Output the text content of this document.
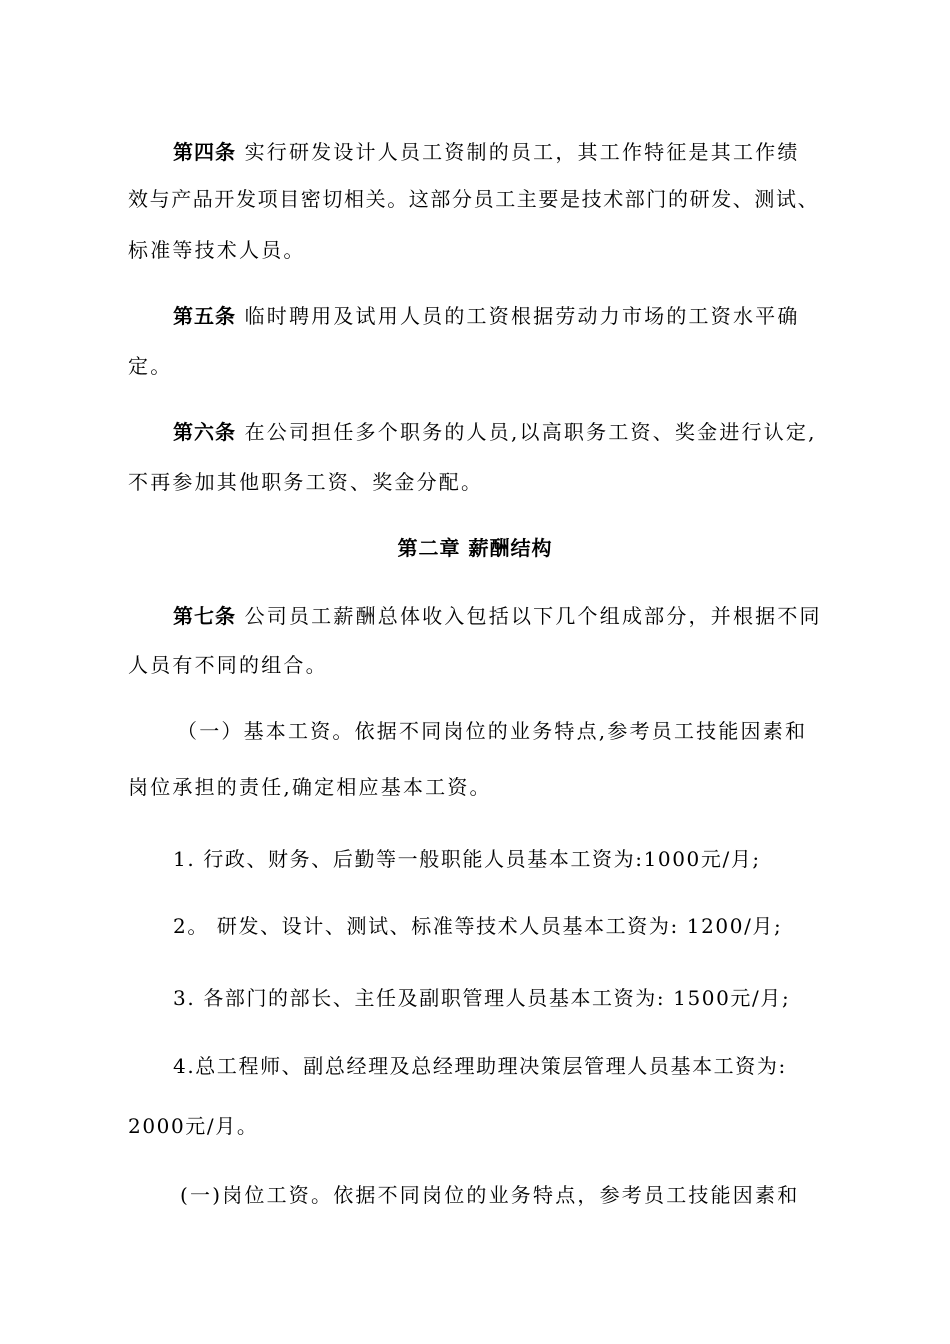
第四条 实行研发设计人员工资制的员工，其工作特征是其工作绩
效与产品开发项目密切相关。这部分员工主要是技术部门的研发、测试、
标准等技术人员。
第五条 临时聘用及试用人员的工资根据劳动力市场的工资水平确
定。
第六条 在公司担任多个职务的人员,以高职务工资、奖金进行认定,
不再参加其他职务工资、奖金分配。
第二章 薪酬结构
第七条 公司员工薪酬总体收入包括以下几个组成部分，并根据不同
人员有不同的组合。
（一）基本工资。依据不同岗位的业务特点,参考员工技能因素和
岗位承担的责任,确定相应基本工资。
1. 行政、财务、后勤等一般职能人员基本工资为:1000元/月;
2。 研发、设计、测试、标准等技术人员基本工资为: 1200/月;
3. 各部门的部长、主任及副职管理人员基本工资为: 1500元/月;
4.总工程师、副总经理及总经理助理决策层管理人员基本工资为:
2000元/月。
(一)岗位工资。依据不同岗位的业务特点，参考员工技能因素和
